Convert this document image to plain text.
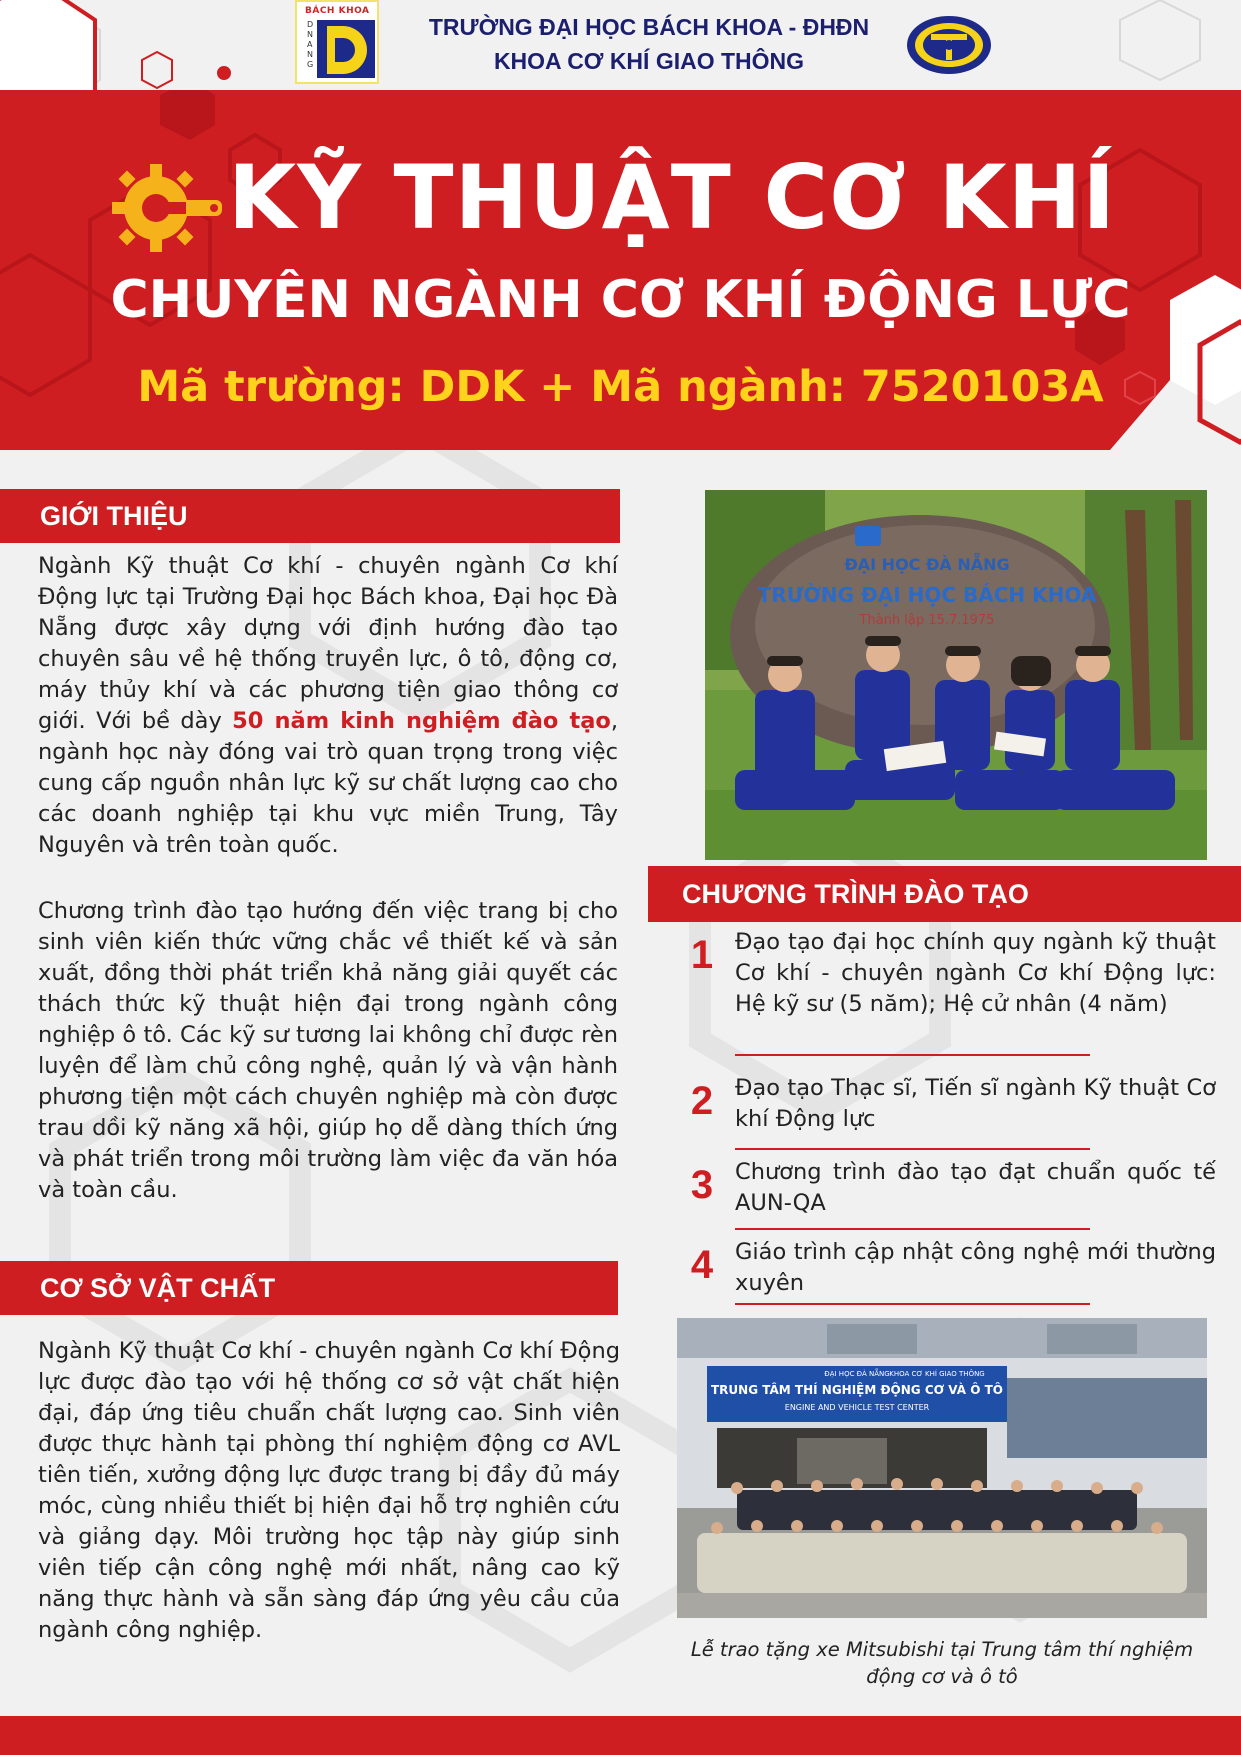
BÁCH KHOA
DNANG
TRƯỜNG ĐẠI HỌC BÁCH KHOA - ĐHĐN
KHOA CƠ KHÍ GIAO THÔNG
KỸ THUẬT CƠ KHÍ
CHUYÊN NGÀNH CƠ KHÍ ĐỘNG LỰC
Mã trường: DDK + Mã ngành: 7520103A
GIỚI THIỆU
Ngành Kỹ thuật Cơ khí - chuyên ngành Cơ khí Động lực tại Trường Đại học Bách khoa, Đại học Đà Nẵng được xây dựng với định hướng đào tạo chuyên sâu về hệ thống truyền lực, ô tô, động cơ, máy thủy khí và các phương tiện giao thông cơ giới. Với bề dày 50 năm kinh nghiệm đào tạo, ngành học này đóng vai trò quan trọng trong việc cung cấp nguồn nhân lực kỹ sư chất lượng cao cho các doanh nghiệp tại khu vực miền Trung, Tây Nguyên và trên toàn quốc.
Chương trình đào tạo hướng đến việc trang bị cho sinh viên kiến thức vững chắc về thiết kế và sản xuất, đồng thời phát triển khả năng giải quyết các thách thức kỹ thuật hiện đại trong ngành công nghiệp ô tô. Các kỹ sư tương lai không chỉ được rèn luyện để làm chủ công nghệ, quản lý và vận hành phương tiện một cách chuyên nghiệp mà còn được trau dồi kỹ năng xã hội, giúp họ dễ dàng thích ứng và phát triển trong môi trường làm việc đa văn hóa và toàn cầu.
CƠ SỞ VẬT CHẤT
Ngành Kỹ thuật Cơ khí - chuyên ngành Cơ khí Động lực được đào tạo với hệ thống cơ sở vật chất hiện đại, đáp ứng tiêu chuẩn chất lượng cao. Sinh viên được thực hành tại phòng thí nghiệm động cơ AVL tiên tiến, xưởng động lực được trang bị đầy đủ máy móc, cùng nhiều thiết bị hiện đại hỗ trợ nghiên cứu và giảng dạy. Môi trường học tập này giúp sinh viên tiếp cận công nghệ mới nhất, nâng cao kỹ năng thực hành và sẵn sàng đáp ứng yêu cầu của ngành công nghiệp.
ĐẠI HỌC ĐÀ NẴNG
TRƯỜNG ĐẠI HỌC BÁCH KHOA
Thành lập 15.7.1975
CHƯƠNG TRÌNH ĐÀO TẠO
1 Đạo tạo đại học chính quy ngành kỹ thuật Cơ khí - chuyên ngành Cơ khí Động lực: Hệ kỹ sư (5 năm); Hệ cử nhân (4 năm)
2 Đạo tạo Thạc sĩ, Tiến sĩ ngành Kỹ thuật Cơ khí Động lực
3 Chương trình đào tạo đạt chuẩn quốc tế AUN-QA
4 Giáo trình cập nhật công nghệ mới thường xuyên
ĐẠI HỌC ĐÀ NẴNG KHOA CƠ KHÍ GIAO THÔNG
TRUNG TÂM THÍ NGHIỆM ĐỘNG CƠ VÀ Ô TÔ
ENGINE AND VEHICLE TEST CENTER
Lễ trao tặng xe Mitsubishi tại Trung tâm thí nghiệm động cơ và ô tô
